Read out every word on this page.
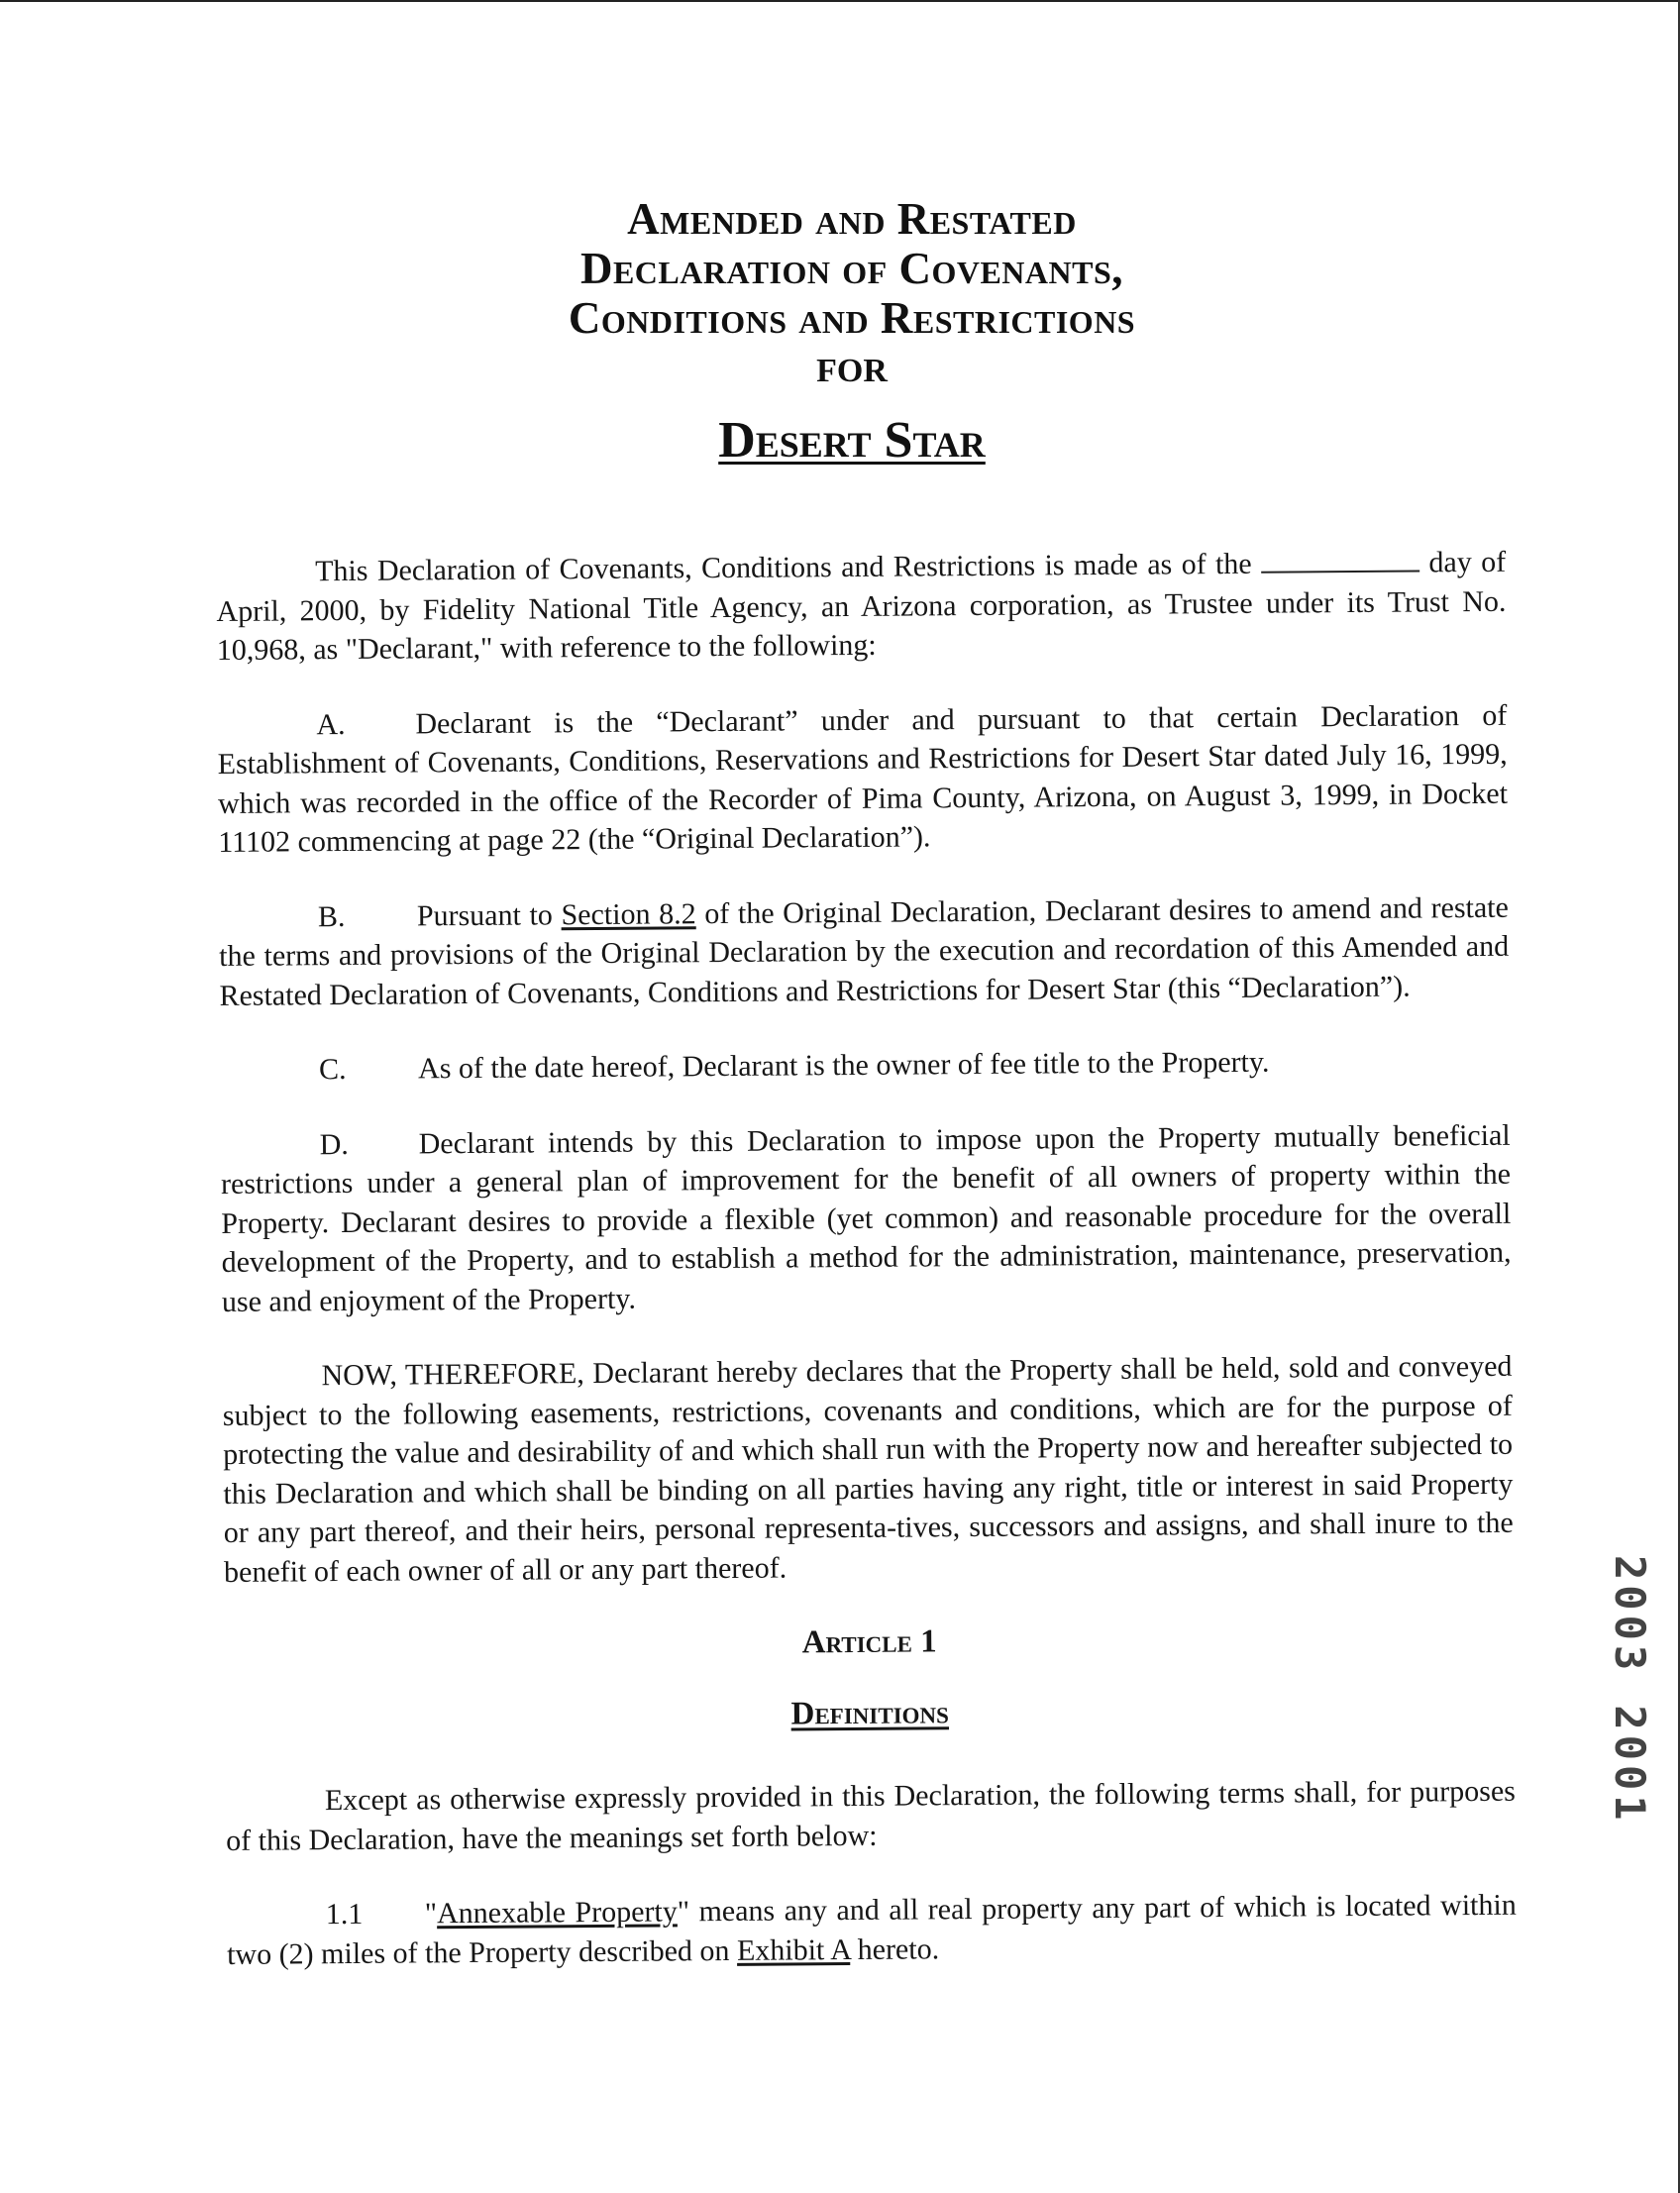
Amended and Restated
Declaration of Covenants,
Conditions and Restrictions
FOR
Desert Star

This Declaration of Covenants, Conditions and Restrictions is made as of the	day of April, 2000, by Fidelity National Title Agency, an Arizona corporation, as Trustee under its Trust No. 10,968, as "Declarant," with reference to the following:

A. Declarant is the “Declarant” under and pursuant to that certain Declaration of Establishment of Covenants, Conditions, Reservations and Restrictions for Desert Star dated July 16, 1999, which was recorded in the office of the Recorder of Pima County, Arizona, on August 3, 1999, in Docket 11102 commencing at page 22 (the “Original Declaration”).

B. Pursuant to Section 8.2 of the Original Declaration, Declarant desires to amend and restate the terms and provisions of the Original Declaration by the execution and recordation of this Amended and Restated Declaration of Covenants, Conditions and Restrictions for Desert Star (this “Declaration”).

C. As of the date hereof, Declarant is the owner of fee title to the Property.

D. Declarant intends by this Declaration to impose upon the Property mutually beneficial restrictions under a general plan of improvement for the benefit of all owners of property within the Property. Declarant desires to provide a flexible (yet common) and reasonable procedure for the overall development of the Property, and to establish a method for the administration, maintenance, preservation, use and enjoyment of the Property.

NOW, THEREFORE, Declarant hereby declares that the Property shall be held, sold and conveyed subject to the following easements, restrictions, covenants and conditions, which are for the purpose of protecting the value and desirability of and which shall run with the Property now and hereafter subjected to this Declaration and which shall be binding on all parties having any right, title or interest in said Property or any part thereof, and their heirs, personal representa-tives, successors and assigns, and shall inure to the benefit of each owner of all or any part thereof.

Article 1
Definitions

Except as otherwise expressly provided in this Declaration, the following terms shall, for purposes of this Declaration, have the meanings set forth below:

1.1 "Annexable Property" means any and all real property any part of which is located within two (2) miles of the Property described on Exhibit A hereto.

2003 2001
